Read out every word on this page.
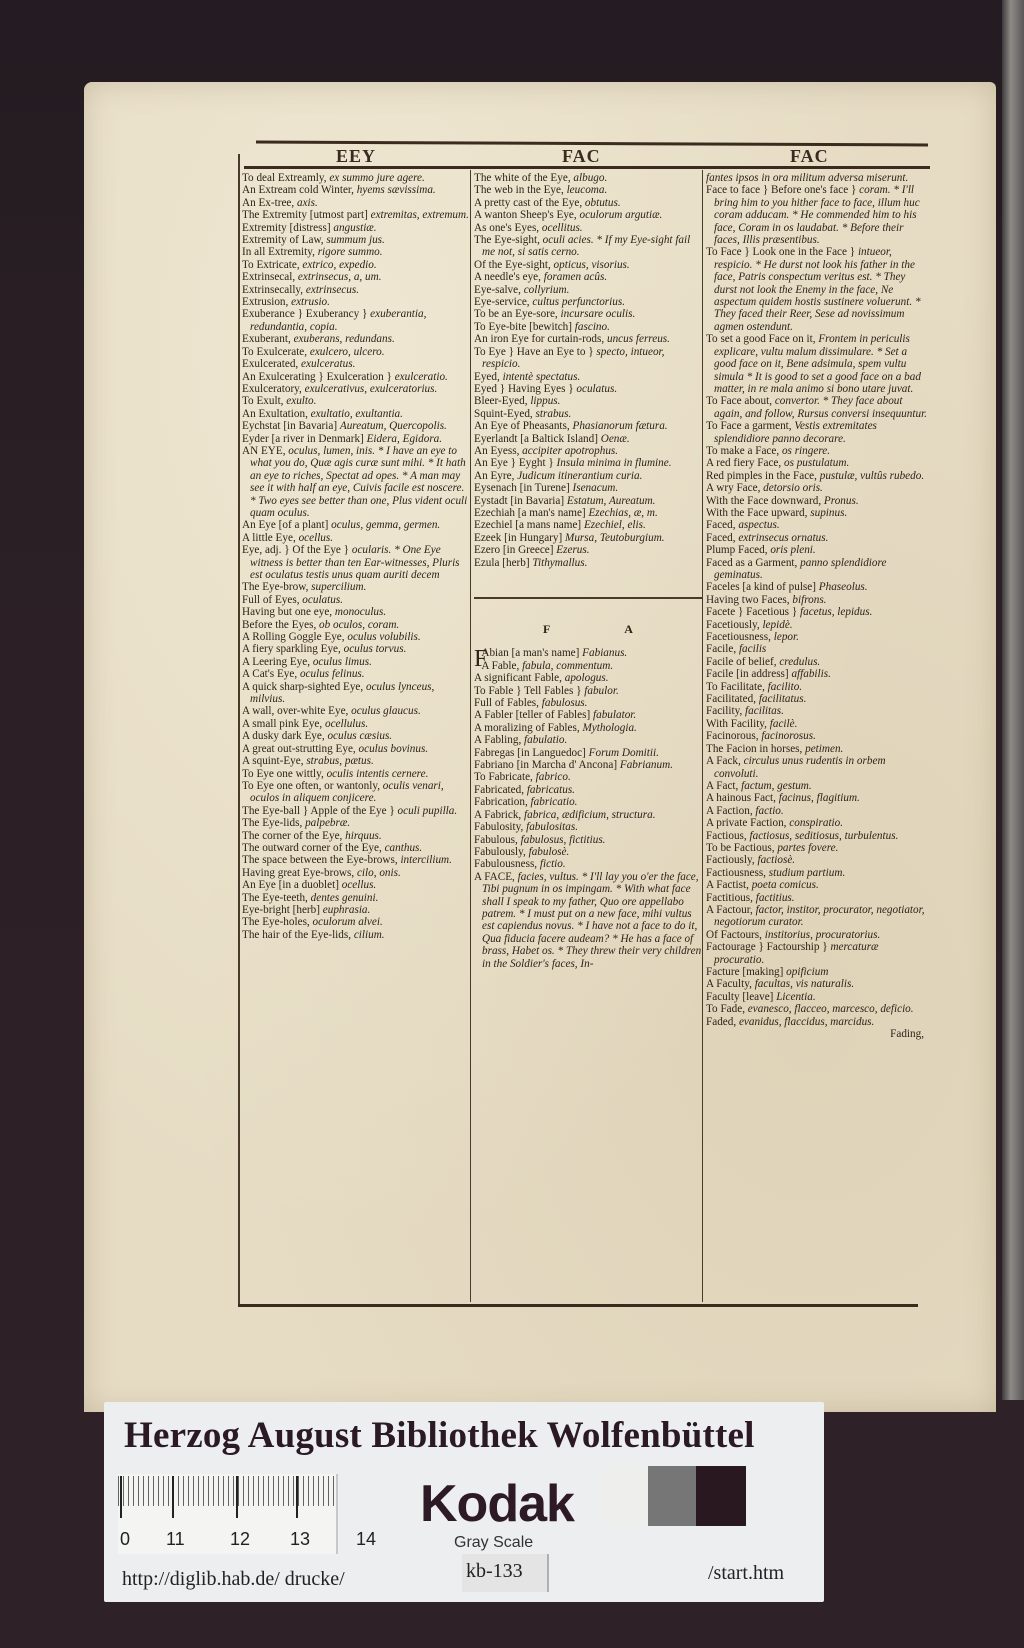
EEY	FAC	FAC

To deal Extreamly, ex summo jure agere.

An Extream cold Winter, hyems sævissima.

An Ex-tree, axis.

The Extremity [utmost part] extremitas, extremum.

Extremity [distress] angustiæ.

Extremity of Law, summum jus.

In all Extremity, rigore summo.

To Extricate, extrico, expedio.

Extrinsecal, extrinsecus, a, um.

Extrinsecally, extrinsecus.

Extrusion, extrusio.

Exuberance } Exuberancy } exuberantia, redundantia, copia.

Exuberant, exuberans, redundans.

To Exulcerate, exulcero, ulcero.

Exulcerated, exulceratus.

An Exulcerating } Exulceration } exulceratio.

Exulceratory, exulcerativus, exulceratorius.

To Exult, exulto.

An Exultation, exultatio, exultantia.

Eychstat [in Bavaria] Aureatum, Quercopolis.

Eyder [a river in Denmark] Eidera, Egidora.

AN EYE, oculus, lumen, inis. * I have an eye to what you do, Quæ agis curæ sunt mihi. * It hath an eye to riches, Spectat ad opes. * A man may see it with half an eye, Cuivis facile est noscere. * Two eyes see better than one, Plus vident oculi quam oculus.

An Eye [of a plant] oculus, gemma, germen.

A little Eye, ocellus.

Eye, adj. } Of the Eye } ocularis. * One Eye witness is better than ten Ear-witnesses, Pluris est oculatus testis unus quam auriti decem

The Eye-brow, supercilium.

Full of Eyes, oculatus.

Having but one eye, monoculus.

Before the Eyes, ob oculos, coram.

A Rolling Goggle Eye, oculus volubilis.

A fiery sparkling Eye, oculus torvus.

A Leering Eye, oculus limus.

A Cat's Eye, oculus felinus.

A quick sharp-sighted Eye, oculus lynceus, milvius.

A wall, over-white Eye, oculus glaucus.

A small pink Eye, ocellulus.

A dusky dark Eye, oculus cæsius.

A great out-strutting Eye, oculus bovinus.

A squint-Eye, strabus, pætus.

To Eye one wittly, oculis intentis cernere.

To Eye one often, or wantonly, oculis venari, oculos in aliquem conjicere.

The Eye-ball } Apple of the Eye } oculi pupilla.

The Eye-lids, palpebræ.

The corner of the Eye, hirquus.

The outward corner of the Eye, canthus.

The space between the Eye-brows, intercilium.

Having great Eye-brows, cilo, onis.

An Eye [in a duoblet] ocellus.

The Eye-teeth, dentes genuini.

Eye-bright [herb] euphrasia.

The Eye-holes, oculorum alvei.

The hair of the Eye-lids, cilium.

The white of the Eye, albugo.

The web in the Eye, leucoma.

A pretty cast of the Eye, obtutus.

A wanton Sheep's Eye, oculorum argutiæ.

As one's Eyes, ocellitus.

The Eye-sight, oculi acies. * If my Eye-sight fail me not, si satis cerno.

Of the Eye-sight, opticus, visorius.

A needle's eye, foramen acûs.

Eye-salve, collyrium.

Eye-service, cultus perfunctorius.

To be an Eye-sore, incursare oculis.

To Eye-bite [bewitch] fascino.

An iron Eye for curtain-rods, uncus ferreus.

To Eye } Have an Eye to } specto, intueor, respicio.

Eyed, intentè spectatus.

Eyed } Having Eyes } oculatus.

Bleer-Eyed, lippus.

Squint-Eyed, strabus.

An Eye of Pheasants, Phasianorum fætura.

Eyerlandt [a Baltick Island] Oenæ.

An Eyess, accipiter apotrophus.

An Eye } Eyght } Insula minima in flumine.

An Eyre, Judicum itinerantium curia.

Eysenach [in Turene] Isenacum.

Eystadt [in Bavaria] Estatum, Aureatum.

Ezechiah [a man's name] Ezechias, æ, m.

Ezechiel [a mans name] Ezechiel, elis.

Ezeek [in Hungary] Mursa, Teutoburgium.

Ezero [in Greece] Ezerus.

Ezula [herb] Tithymallus.

F A

F
Abian [a man's name] Fabianus.

A Fable, fabula, commentum.

A significant Fable, apologus.

To Fable } Tell Fables } fabulor.

Full of Fables, fabulosus.

A Fabler [teller of Fables] fabulator.

A moralizing of Fables, Mythologia.

A Fabling, fabulatio.

Fabregas [in Languedoc] Forum Domitii.

Fabriano [in Marcha d' Ancona] Fabrianum.

To Fabricate, fabrico.

Fabricated, fabricatus.

Fabrication, fabricatio.

A Fabrick, fabrica, ædificium, structura.

Fabulosity, fabulositas.

Fabulous, fabulosus, fictitius.

Fabulously, fabulosè.

Fabulousness, fictio.

A FACE, facies, vultus. * I'll lay you o'er the face, Tibi pugnum in os impingam. * With what face shall I speak to my father, Quo ore appellabo patrem. * I must put on a new face, mihi vultus est capiendus novus. * I have not a face to do it, Qua fiducia facere audeam? * He has a face of brass, Habet os. * They threw their very children in the Soldier's faces, In-

fantes ipsos in ora militum adversa miserunt.

Face to face } Before one's face } coram. * I'll bring him to you hither face to face, illum huc coram adducam. * He commended him to his face, Coram in os laudabat. * Before their faces, Illis præsentibus.

To Face } Look one in the Face } intueor, respicio. * He durst not look his father in the face, Patris conspectum veritus est. * They durst not look the Enemy in the face, Ne aspectum quidem hostis sustinere voluerunt. * They faced their Reer, Sese ad novissimum agmen ostendunt.

To set a good Face on it, Frontem in periculis explicare, vultu malum dissimulare. * Set a good face on it, Bene adsimula, spem vultu simula * It is good to set a good face on a bad matter, in re mala animo si bono utare juvat.

To Face about, convertor. * They face about again, and follow, Rursus conversi insequuntur.

To Face a garment, Vestis extremitates splendidiore panno decorare.

To make a Face, os ringere.

A red fiery Face, os pustulatum.

Red pimples in the Face, pustulæ, vultûs rubedo.

A wry Face, detorsio oris.

With the Face downward, Pronus.

With the Face upward, supinus.

Faced, aspectus.

Faced, extrinsecus ornatus.

Plump Faced, oris pleni.

Faced as a Garment, panno splendidiore geminatus.

Faceles [a kind of pulse] Phaseolus.

Having two Faces, bifrons.

Facete } Facetious } facetus, lepidus.

Facetiously, lepidè.

Facetiousness, lepor.

Facile, facilis

Facile of belief, credulus.

Facile [in address] affabilis.

To Facilitate, facilito.

Facilitated, facilitatus.

Facility, facilitas.

With Facility, facilè.

Facinorous, facinorosus.

The Facion in horses, petimen.

A Fack, circulus unus rudentis in orbem convoluti.

A Fact, factum, gestum.

A hainous Fact, facinus, flagitium.

A Faction, factio.

A private Faction, conspiratio.

Factious, factiosus, seditiosus, turbulentus.

To be Factious, partes fovere.

Factiously, factiosè.

Factiousness, studium partium.

A Factist, poeta comicus.

Factitious, factitius.

A Factour, factor, institor, procurator, negotiator, negotiorum curator.

Of Factours, institorius, procuratorius.

Factourage } Factourship } mercaturæ procuratio.

Facture [making] opificium

A Faculty, facultas, vis naturalis.

Faculty [leave] Licentia.

To Fade, evanesco, flacceo, marcesco, deficio.

Faded, evanidus, flaccidus, marcidus.

Fading,
Herzog August Bibliothek Wolfenbüttel
0 11	12 13	14
Kodak
Gray Scale
kb-133
http://diglib.hab.de/ drucke/	/start.htm
